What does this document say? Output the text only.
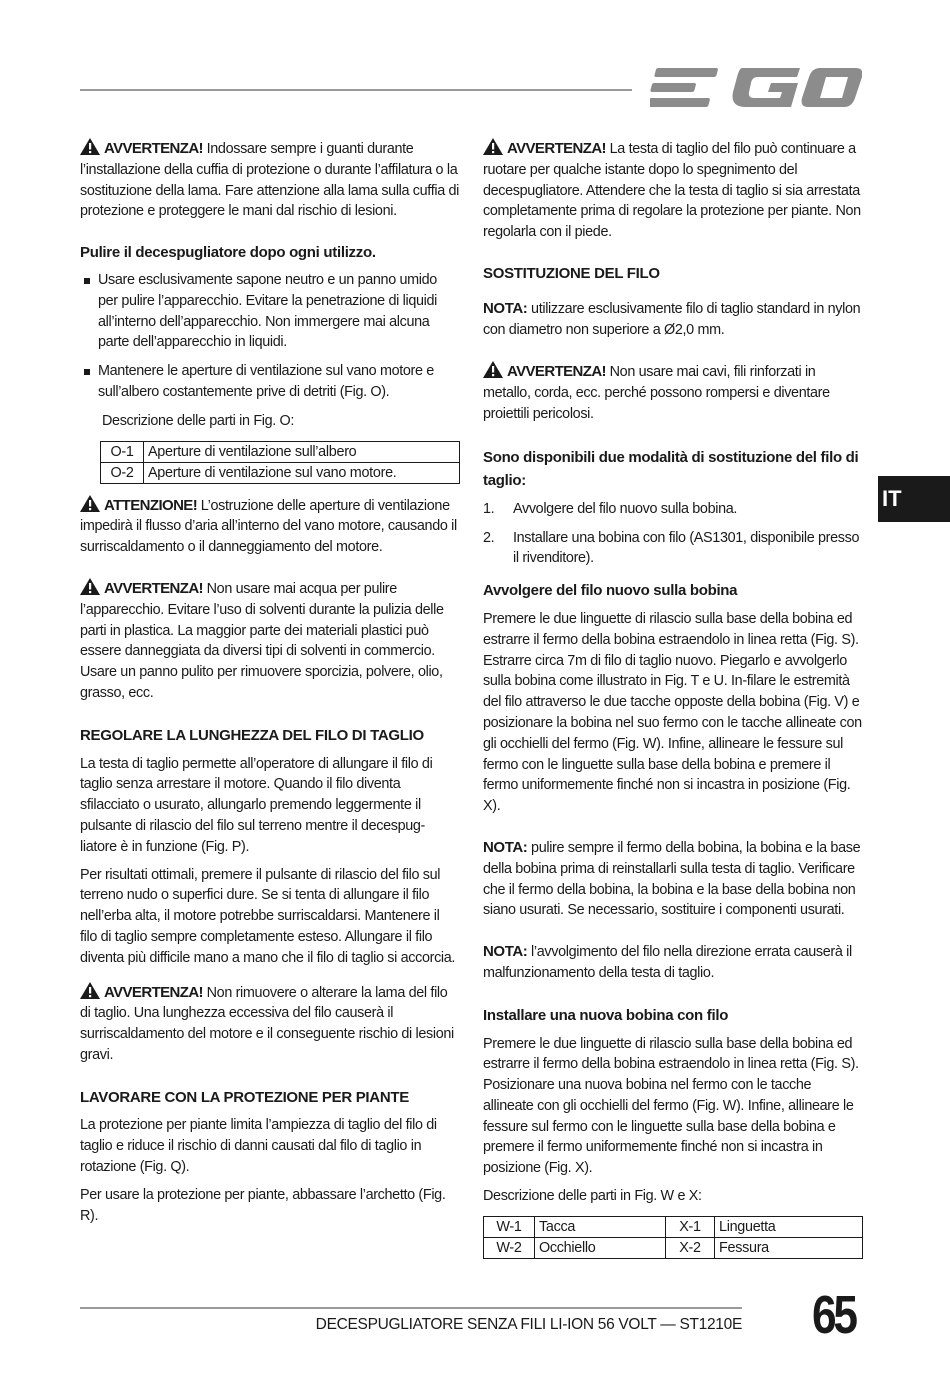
AVVERTENZA! Indossare sempre i guanti durante l’installazione della cuffia di protezione o durante l’affilatura o la sostituzione della lama. Fare attenzione alla lama sulla cuffia di protezione e proteggere le mani dal rischio di lesioni.

Pulire il decespugliatore dopo ogni utilizzo.

Usare esclusivamente sapone neutro e un panno umido per pulire l’apparecchio. Evitare la penetrazione di liquidi all’interno dell’apparecchio. Non immergere mai alcuna parte dell’apparecchio in liquidi.
Mantenere le aperture di ventilazione sul vano motore e sull’albero costantemente prive di detriti (Fig. O).

Descrizione delle parti in Fig. O:

O-1	Aperture di ventilazione sull’albero
O-2	Aperture di ventilazione sul vano motore.

ATTENZIONE! L’ostruzione delle aperture di ventilazione impedirà il flusso d’aria all’interno del vano motore, causando il surriscaldamento o il danneggiamento del motore.

AVVERTENZA! Non usare mai acqua per pulire l’apparecchio. Evitare l’uso di solventi durante la pulizia delle parti in plastica. La maggior parte dei materiali plastici può essere danneggiata da diversi tipi di solventi in commercio. Usare un panno pulito per rimuovere sporcizia, polvere, olio, grasso, ecc.

REGOLARE LA LUNGHEZZA DEL FILO DI TAGLIO

La testa di taglio permette all’operatore di allungare il filo di taglio senza arrestare il motore. Quando il filo diventa sfilacciato o usurato, allungarlo premendo leggermente il pulsante di rilascio del filo sul terreno mentre il decespug-liatore è in funzione (Fig. P).

Per risultati ottimali, premere il pulsante di rilascio del filo sul terreno nudo o superfici dure. Se si tenta di allungare il filo nell’erba alta, il motore potrebbe surriscaldarsi. Mantenere il filo di taglio sempre completamente esteso. Allungare il filo diventa più difficile mano a mano che il filo di taglio si accorcia.

AVVERTENZA! Non rimuovere o alterare la lama del filo di taglio. Una lunghezza eccessiva del filo causerà il surriscaldamento del motore e il conseguente rischio di lesioni gravi.

LAVORARE CON LA PROTEZIONE PER PIANTE

La protezione per piante limita l’ampiezza di taglio del filo di taglio e riduce il rischio di danni causati dal filo di taglio in rotazione (Fig. Q).

Per usare la protezione per piante, abbassare l’archetto (Fig. R).

AVVERTENZA! La testa di taglio del filo può continuare a ruotare per qualche istante dopo lo spegnimento del decespugliatore. Attendere che la testa di taglio si sia arrestata completamente prima di regolare la protezione per piante. Non regolarla con il piede.

SOSTITUZIONE DEL FILO

NOTA: utilizzare esclusivamente filo di taglio standard in nylon con diametro non superiore a Ø2,0 mm.

AVVERTENZA! Non usare mai cavi, fili rinforzati in metallo, corda, ecc. perché possono rompersi e diventare proiettili pericolosi.

Sono disponibili due modalità di sostituzione del filo di taglio:

1. Avvolgere del filo nuovo sulla bobina.
2. Installare una bobina con filo (AS1301, disponibile presso il rivenditore).

Avvolgere del filo nuovo sulla bobina

Premere le due linguette di rilascio sulla base della bobina ed estrarre il fermo della bobina estraendolo in linea retta (Fig. S). Estrarre circa 7m di filo di taglio nuovo. Piegarlo e avvolgerlo sulla bobina come illustrato in Fig. T e U. In-filare le estremità del filo attraverso le due tacche opposte della bobina (Fig. V) e posizionare la bobina nel suo fermo con le tacche allineate con gli occhielli del fermo (Fig. W). Infine, allineare le fessure sul fermo con le linguette sulla base della bobina e premere il fermo uniformemente finché non si incastra in posizione (Fig. X).

NOTA: pulire sempre il fermo della bobina, la bobina e la base della bobina prima di reinstallarli sulla testa di taglio. Verificare che il fermo della bobina, la bobina e la base della bobina non siano usurati. Se necessario, sostituire i componenti usurati.

NOTA: l’avvolgimento del filo nella direzione errata causerà il malfunzionamento della testa di taglio.

Installare una nuova bobina con filo

Premere le due linguette di rilascio sulla base della bobina ed estrarre il fermo della bobina estraendolo in linea retta (Fig. S). Posizionare una nuova bobina nel fermo con le tacche allineate con gli occhielli del fermo (Fig. W). Infine, allineare le fessure sul fermo con le linguette sulla base della bobina e premere il fermo uniformemente finché non si incastra in posizione (Fig. X).

Descrizione delle parti in Fig. W e X:

W-1	Tacca	X-1	Linguetta
W-2	Occhiello	X-2	Fessura
IT
DECESPUGLIATORE SENZA FILI LI-ION 56 VOLT — ST1210E 65
